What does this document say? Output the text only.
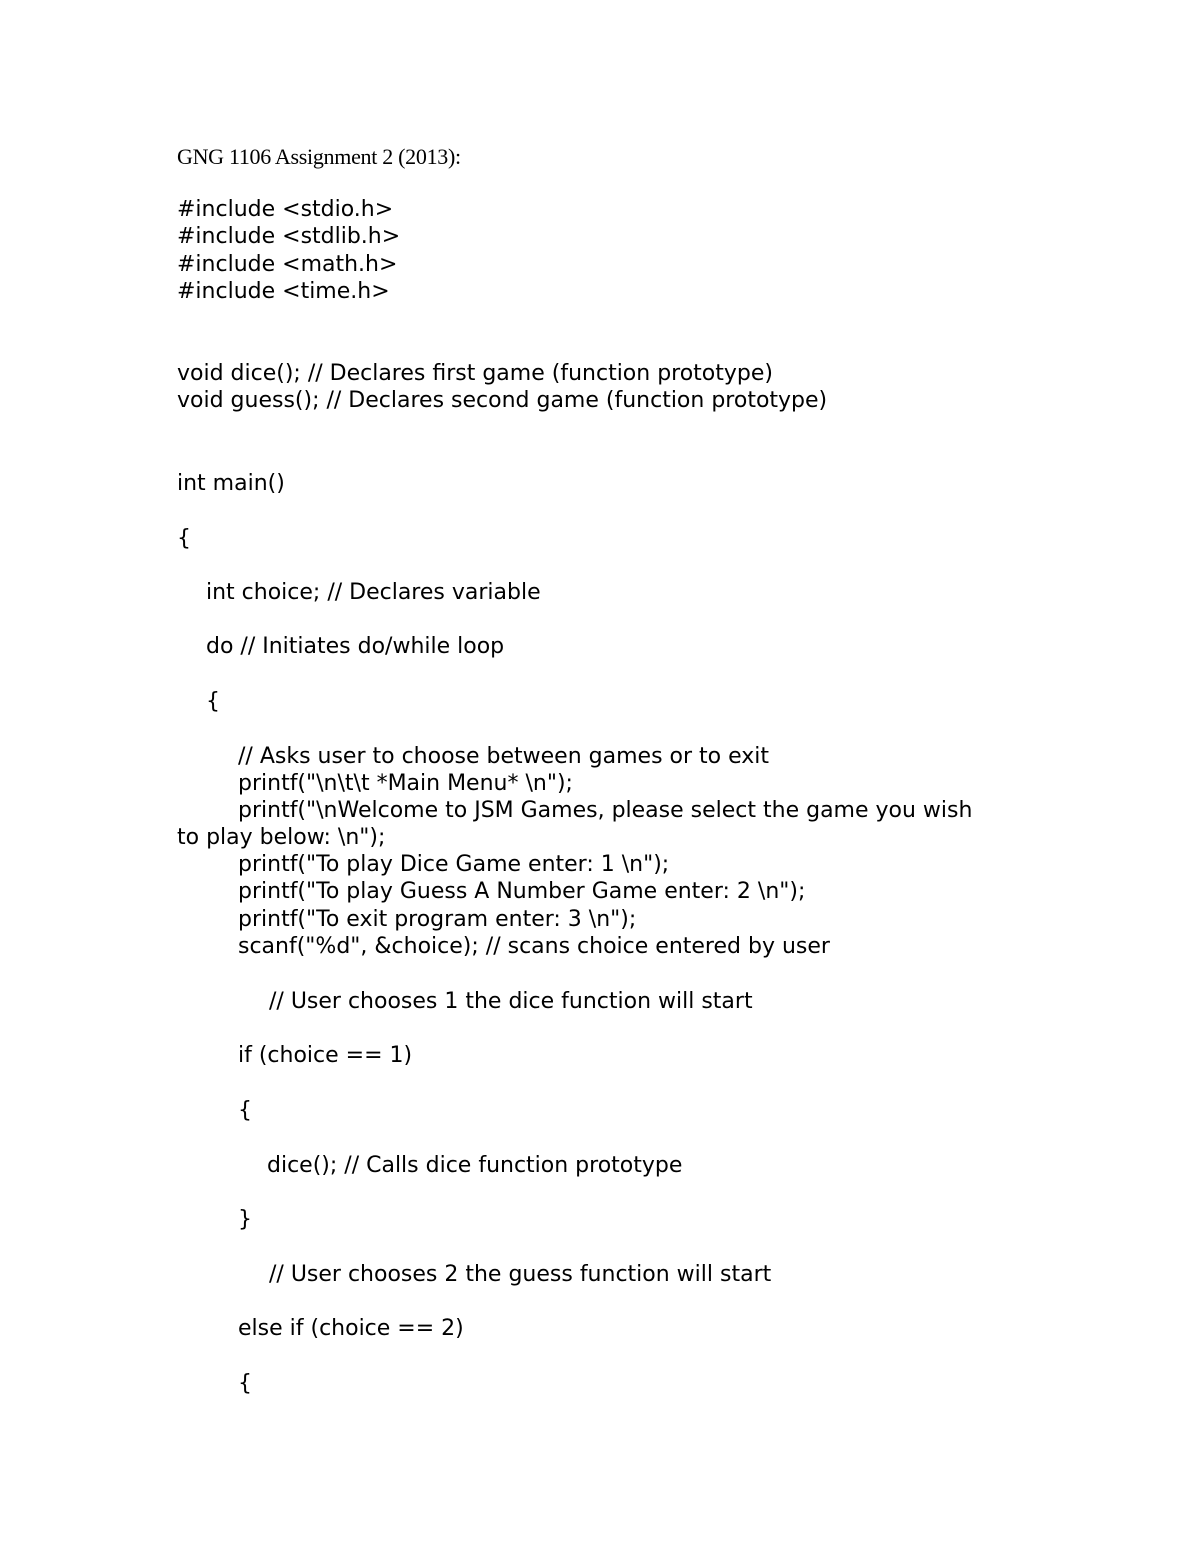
GNG 1106 Assignment 2 (2013):
#include <stdio.h>
#include <stdlib.h>
#include <math.h>
#include <time.h>
void dice(); // Declares first game (function prototype)
void guess(); // Declares second game (function prototype)
int main()
{
int choice; // Declares variable
do // Initiates do/while loop
{
// Asks user to choose between games or to exit
printf("\n\t\t *Main Menu* \n");
printf("\nWelcome to JSM Games, please select the game you wish
to play below: \n");
printf("To play Dice Game enter: 1 \n");
printf("To play Guess A Number Game enter: 2 \n");
printf("To exit program enter: 3 \n");
scanf("%d", &choice); // scans choice entered by user
// User chooses 1 the dice function will start
if (choice == 1)
{
dice(); // Calls dice function prototype
}
// User chooses 2 the guess function will start
else if (choice == 2)
{
